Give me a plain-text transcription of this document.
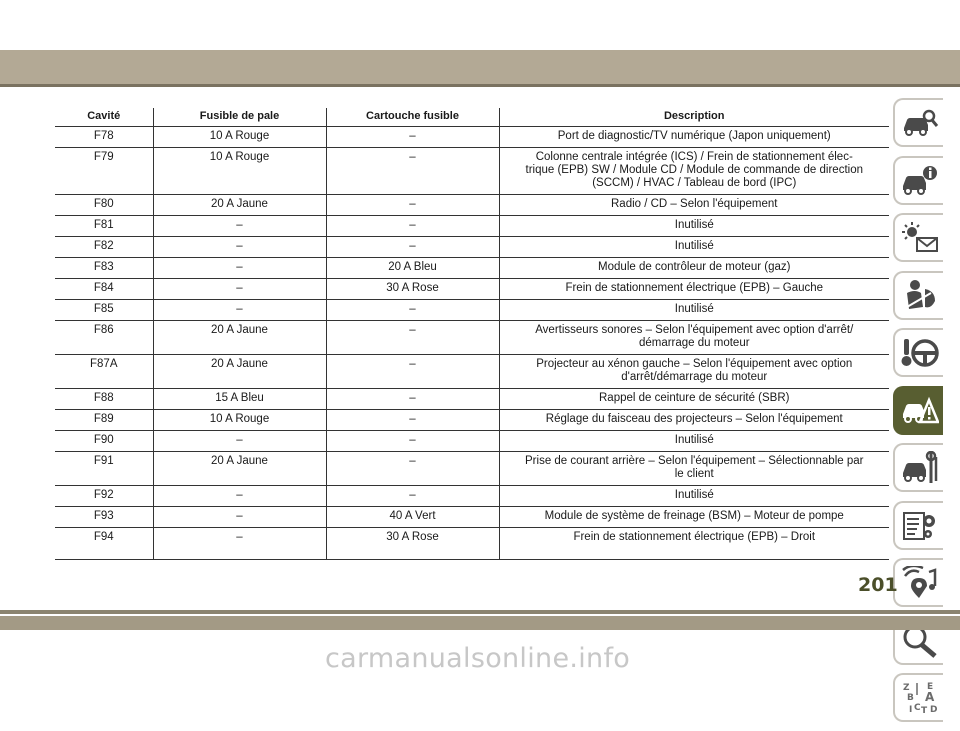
Cavité	Fusible de pale	Cartouche fusible	Description
F78	10 A Rouge	–	Port de diagnostic/TV numérique (Japon uniquement)
F79	10 A Rouge	–	Colonne centrale intégrée (ICS) / Frein de stationnement élec-
trique (EPB) SW / Module CD / Module de commande de direction
(SCCM) / HVAC / Tableau de bord (IPC)
F80	20 A Jaune	–	Radio / CD – Selon l'équipement
F81	–	–	Inutilisé
F82	–	–	Inutilisé
F83	–	20 A Bleu	Module de contrôleur de moteur (gaz)
F84	–	30 A Rose	Frein de stationnement électrique (EPB) – Gauche
F85	–	–	Inutilisé
F86	20 A Jaune	–	Avertisseurs sonores – Selon l'équipement avec option d'arrêt/
démarrage du moteur
F87A	20 A Jaune	–	Projecteur au xénon gauche – Selon l'équipement avec option
d'arrêt/démarrage du moteur
F88	15 A Bleu	–	Rappel de ceinture de sécurité (SBR)
F89	10 A Rouge	–	Réglage du faisceau des projecteurs – Selon l'équipement
F90	–	–	Inutilisé
F91	20 A Jaune	–	Prise de courant arrière – Selon l'équipement – Sélectionnable par
le client
F92	–	–	Inutilisé
F93	–	40 A Vert	Module de système de freinage (BSM) – Moteur de pompe
F94	–	30 A Rose	Frein de stationnement électrique (EPB) – Droit
Z E
B A
C T
I D
201
carmanualsonline.info
